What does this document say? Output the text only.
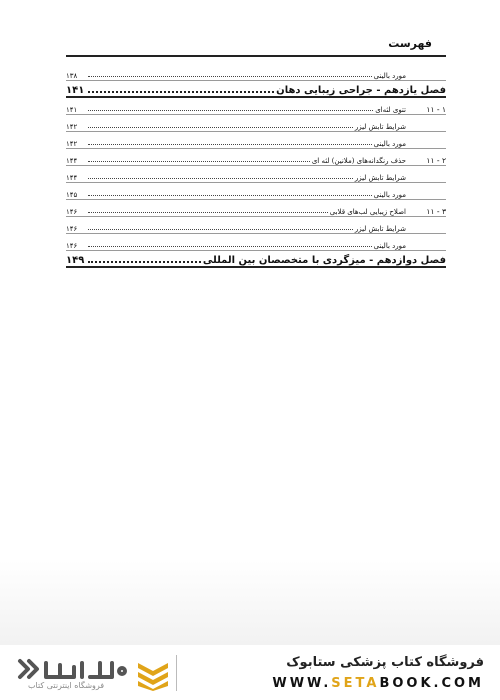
فهرست
مورد بالینی
۱۳۸
فصل یازدهم - جراحی زیبایی دهان
۱۴۱
۱ - ۱۱
تتوی لثه‌ای
۱۴۱
شرایط تابش لیزر
۱۴۲
مورد بالینی
۱۴۲
۲ - ۱۱
حذف رنگدانه‌های (ملانین) لثه ای
۱۴۴
شرایط تابش لیزر
۱۴۴
مورد بالینی
۱۴۵
۳ - ۱۱
اصلاح زیبایی لب‌های قلابی
۱۴۶
شرایط تابش لیزر
۱۴۶
مورد بالینی
۱۴۶
فصل دوازدهم - میزگردی با متخصصان بین المللی
۱۴۹
فروشگاه اینترنتی کتاب
فروشگاه کتاب پزشکی ستابوک
WWW.SETABOOK.COM
